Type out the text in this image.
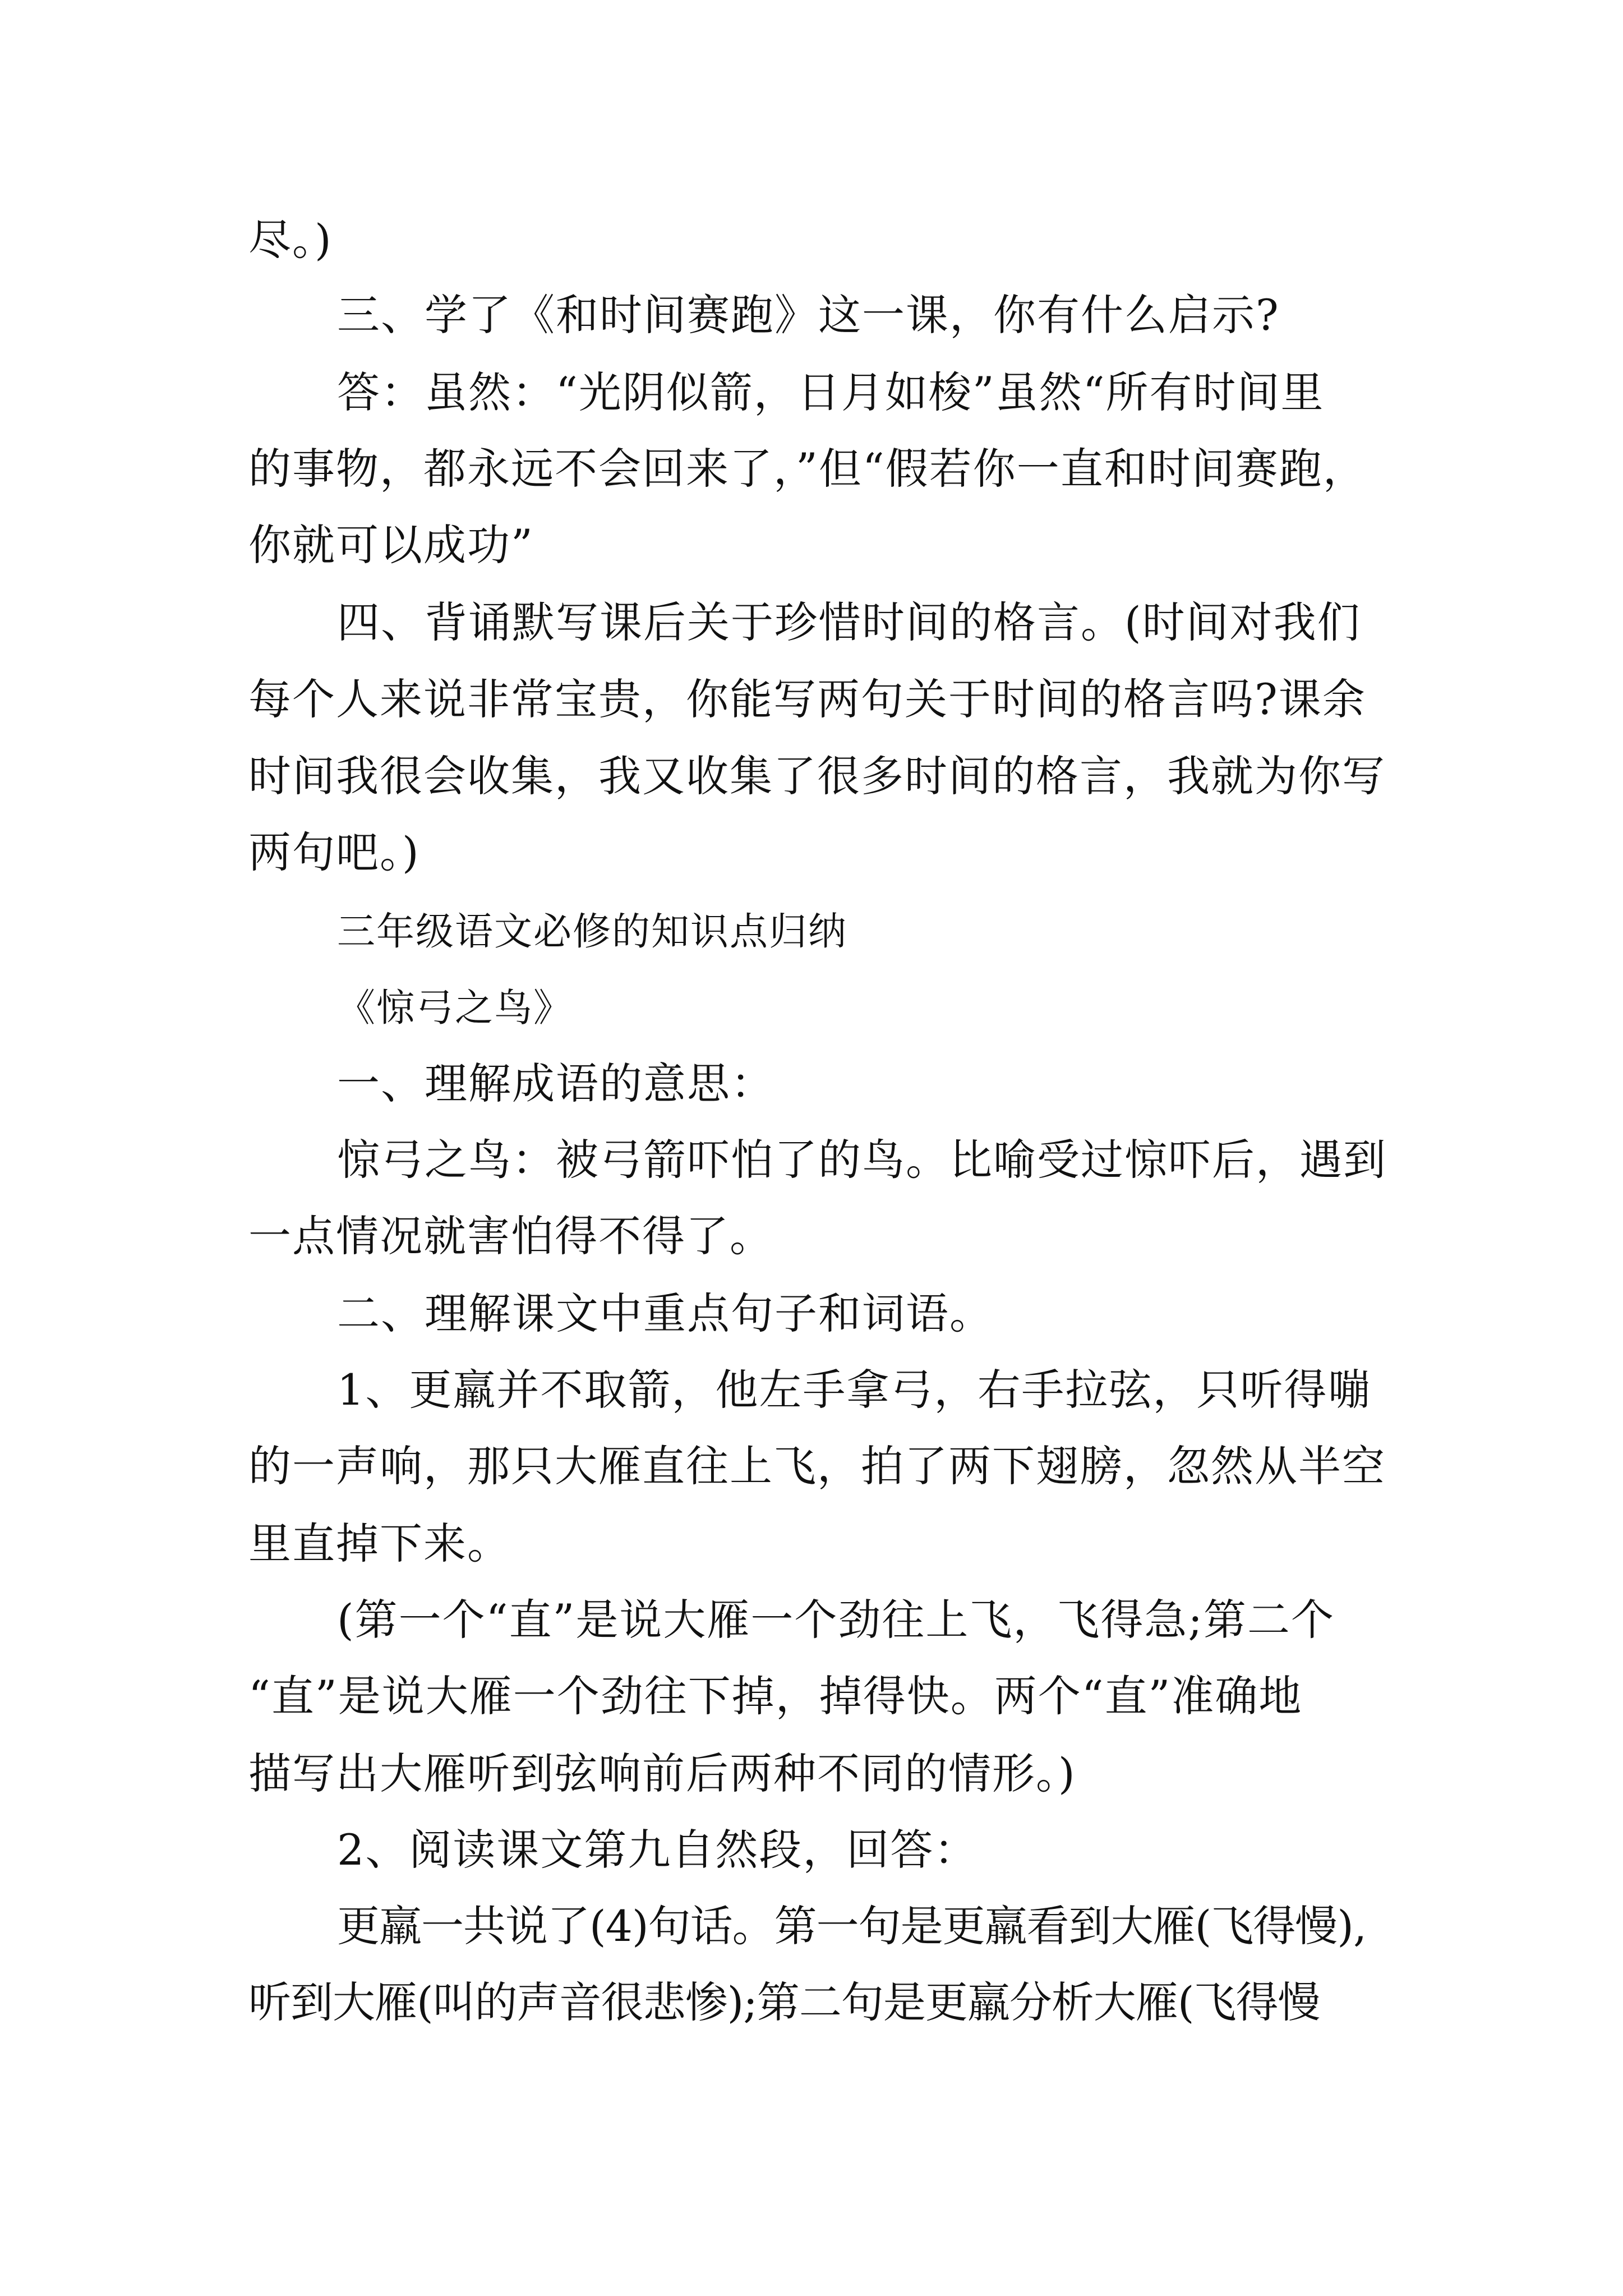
尽。)
三、学了《和时间赛跑》这一课，你有什么启示?
答：虽然：“光阴似箭，日月如梭”虽然“所有时间里
的事物，都永远不会回来了，”但“假若你一直和时间赛跑，
你就可以成功”
四、背诵默写课后关于珍惜时间的格言。(时间对我们
每个人来说非常宝贵，你能写两句关于时间的格言吗?课余
时间我很会收集，我又收集了很多时间的格言，我就为你写
两句吧。)
三年级语文必修的知识点归纳
《惊弓之鸟》
一、理解成语的意思：
惊弓之鸟：被弓箭吓怕了的鸟。比喻受过惊吓后，遇到
一点情况就害怕得不得了。
二、理解课文中重点句子和词语。
1、更羸并不取箭，他左手拿弓，右手拉弦，只听得嘣
的一声响，那只大雁直往上飞，拍了两下翅膀，忽然从半空
里直掉下来。
(第一个“直”是说大雁一个劲往上飞，飞得急;第二个
“直”是说大雁一个劲往下掉，掉得快。两个“直”准确地
描写出大雁听到弦响前后两种不同的情形。)
2、阅读课文第九自然段，回答：
更羸一共说了(4)句话。第一句是更羸看到大雁(飞得慢),
听到大雁(叫的声音很悲惨);第二句是更羸分析大雁(飞得慢
